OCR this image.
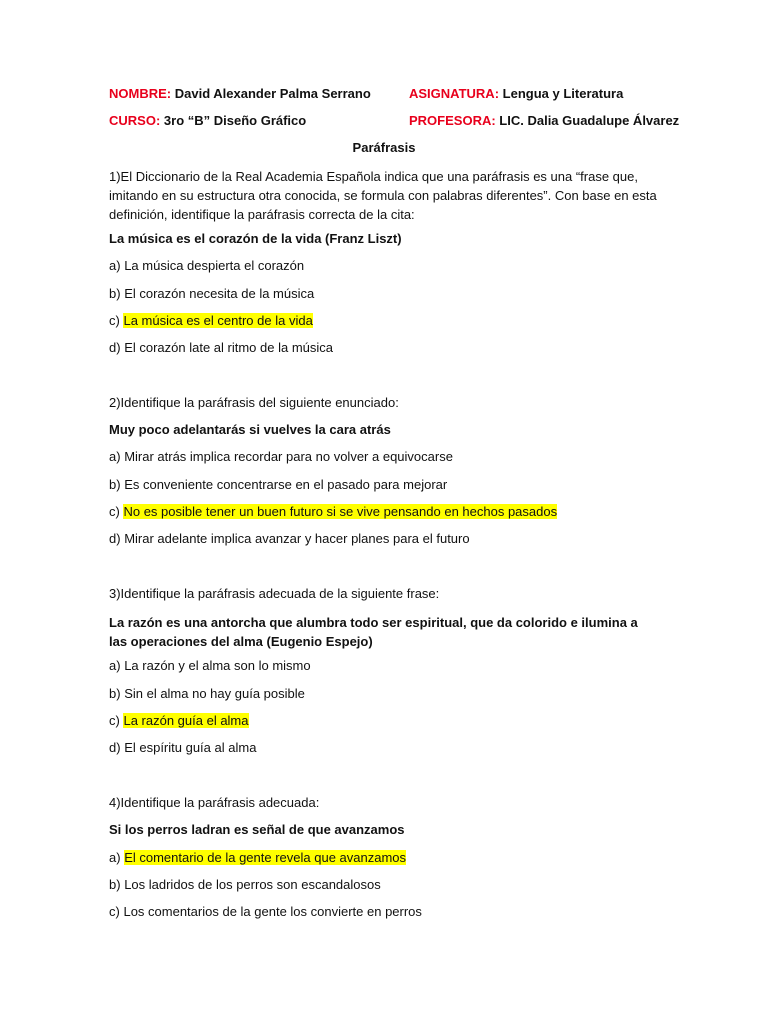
NOMBRE: David Alexander Palma Serrano	ASIGNATURA: Lengua y Literatura
CURSO: 3ro “B” Diseño Gráfico	PROFESORA: LIC. Dalia Guadalupe Álvarez
Paráfrasis
1)El Diccionario de la Real Academia Española indica que una paráfrasis es una “frase que, imitando en su estructura otra conocida, se formula con palabras diferentes”. Con base en esta definición, identifique la paráfrasis correcta de la cita:
La música es el corazón de la vida (Franz Liszt)
a) La música despierta el corazón
b) El corazón necesita de la música
c) La música es el centro de la vida
d) El corazón late al ritmo de la música
2)Identifique la paráfrasis del siguiente enunciado:
Muy poco adelantarás si vuelves la cara atrás
a) Mirar atrás implica recordar para no volver a equivocarse
b) Es conveniente concentrarse en el pasado para mejorar
c) No es posible tener un buen futuro si se vive pensando en hechos pasados
d) Mirar adelante implica avanzar y hacer planes para el futuro
3)Identifique la paráfrasis adecuada de la siguiente frase:
La razón es una antorcha que alumbra todo ser espiritual, que da colorido e ilumina a las operaciones del alma (Eugenio Espejo)
a) La razón y el alma son lo mismo
b) Sin el alma no hay guía posible
c) La razón guía el alma
d) El espíritu guía al alma
4)Identifique la paráfrasis adecuada:
Si los perros ladran es señal de que avanzamos
a) El comentario de la gente revela que avanzamos
b) Los ladridos de los perros son escandalosos
c) Los comentarios de la gente los convierte en perros
